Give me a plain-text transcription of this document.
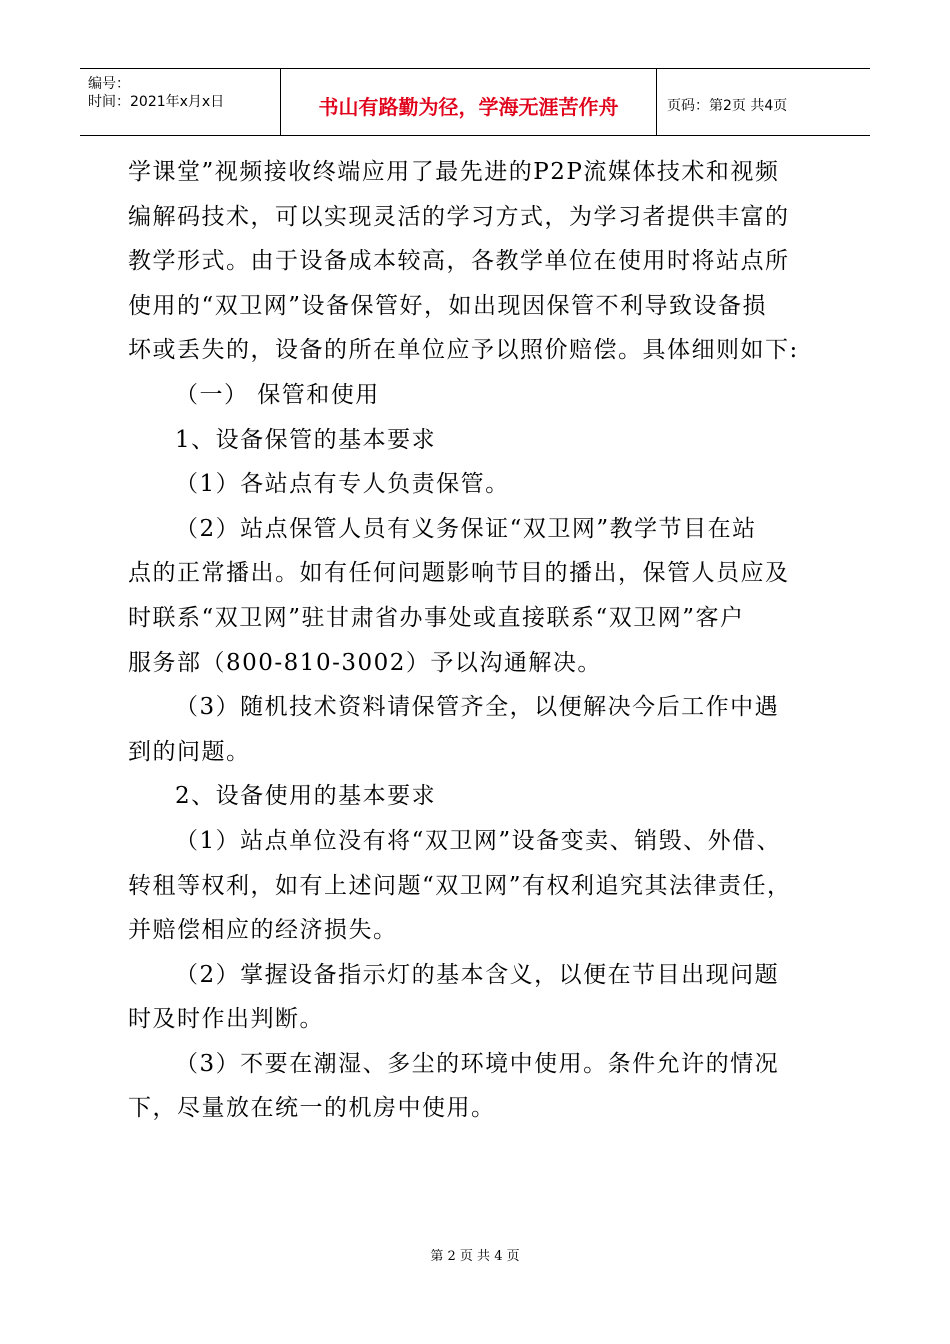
编号：
时间：2021年x月x日	书山有路勤为径，学海无涯苦作舟	页码：第2页 共4页

学课堂”视频接收终端应用了最先进的P2P流媒体技术和视频

编解码技术，可以实现灵活的学习方式，为学习者提供丰富的

教学形式。由于设备成本较高，各教学单位在使用时将站点所

使用的“双卫网”设备保管好，如出现因保管不利导致设备损

坏或丢失的，设备的所在单位应予以照价赔偿。具体细则如下:

（一） 保管和使用

1、设备保管的基本要求

（1）各站点有专人负责保管。

（2）站点保管人员有义务保证“双卫网”教学节目在站

点的正常播出。如有任何问题影响节目的播出，保管人员应及

时联系“双卫网”驻甘肃省办事处或直接联系“双卫网”客户

服务部（800-810-3002）予以沟通解决。

（3）随机技术资料请保管齐全，以便解决今后工作中遇

到的问题。

2、设备使用的基本要求

（1）站点单位没有将“双卫网”设备变卖、销毁、外借、

转租等权利，如有上述问题“双卫网”有权利追究其法律责任，

并赔偿相应的经济损失。

（2）掌握设备指示灯的基本含义，以便在节目出现问题

时及时作出判断。

（3）不要在潮湿、多尘的环境中使用。条件允许的情况

下，尽量放在统一的机房中使用。

第 2 页 共 4 页
